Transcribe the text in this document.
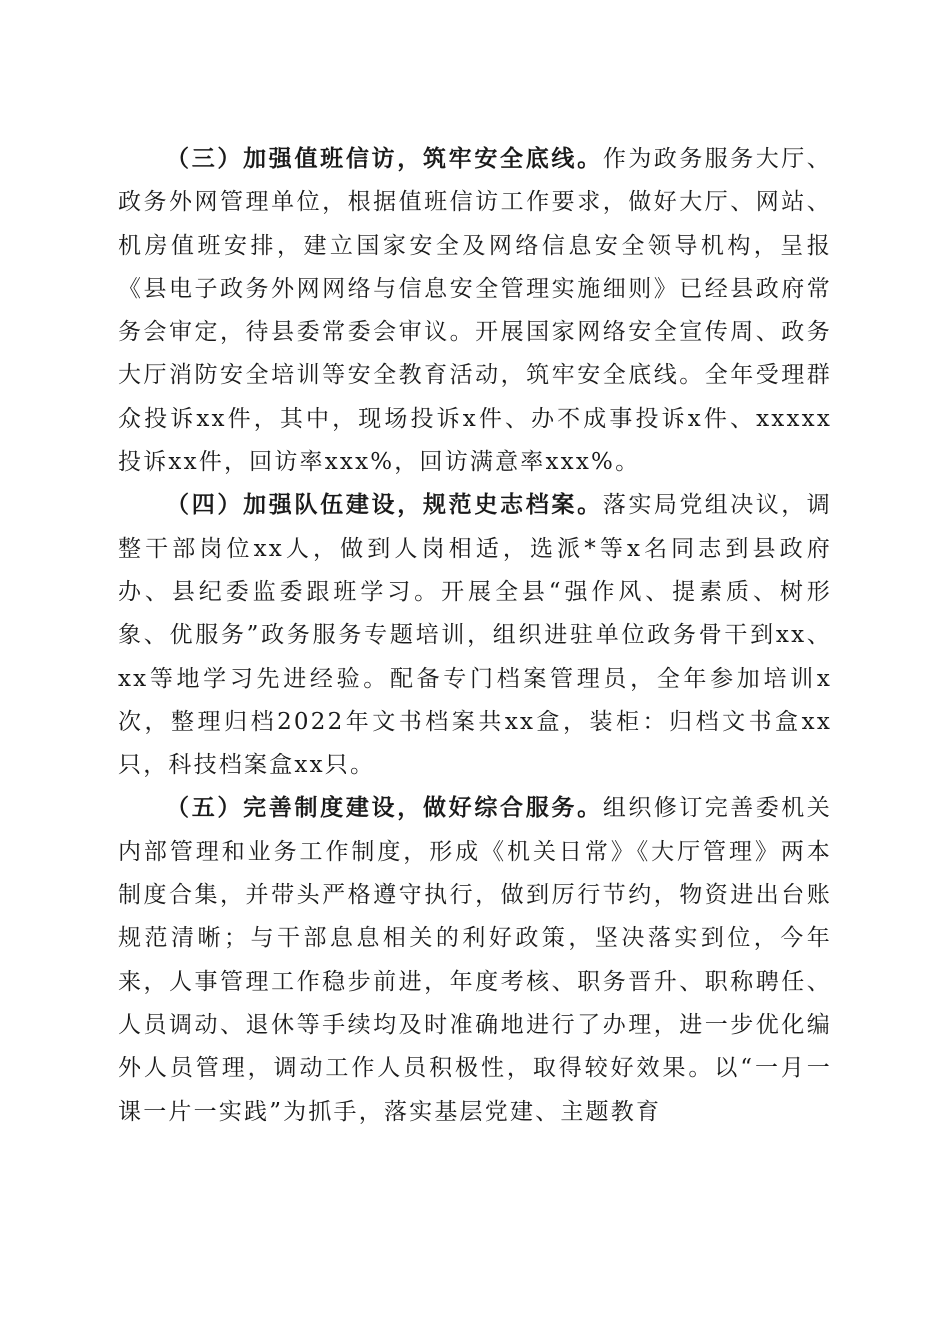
（三）加强值班信访，筑牢安全底线。作为政务服务大厅、政务外网管理单位，根据值班信访工作要求，做好大厅、网站、机房值班安排，建立国家安全及网络信息安全领导机构，呈报《县电子政务外网网络与信息安全管理实施细则》已经县政府常务会审定，待县委常委会审议。开展国家网络安全宣传周、政务大厅消防安全培训等安全教育活动，筑牢安全底线。全年受理群众投诉xx件，其中，现场投诉x件、办不成事投诉x件、xxxxx投诉xx件，回访率xxx%，回访满意率xxx%。

（四）加强队伍建设，规范史志档案。落实局党组决议，调整干部岗位xx人，做到人岗相适，选派*等x名同志到县政府办、县纪委监委跟班学习。开展全县“强作风、提素质、树形象、优服务”政务服务专题培训，组织进驻单位政务骨干到xx、xx等地学习先进经验。配备专门档案管理员，全年参加培训x次，整理归档2022年文书档案共xx盒，装柜：归档文书盒xx只，科技档案盒xx只。

（五）完善制度建设，做好综合服务。组织修订完善委机关内部管理和业务工作制度，形成《机关日常》《大厅管理》两本制度合集，并带头严格遵守执行，做到厉行节约，物资进出台账规范清晰；与干部息息相关的利好政策，坚决落实到位，今年来，人事管理工作稳步前进，年度考核、职务晋升、职称聘任、人员调动、退休等手续均及时准确地进行了办理，进一步优化编外人员管理，调动工作人员积极性，取得较好效果。以“一月一课一片一实践”为抓手，落实基层党建、主题教育
